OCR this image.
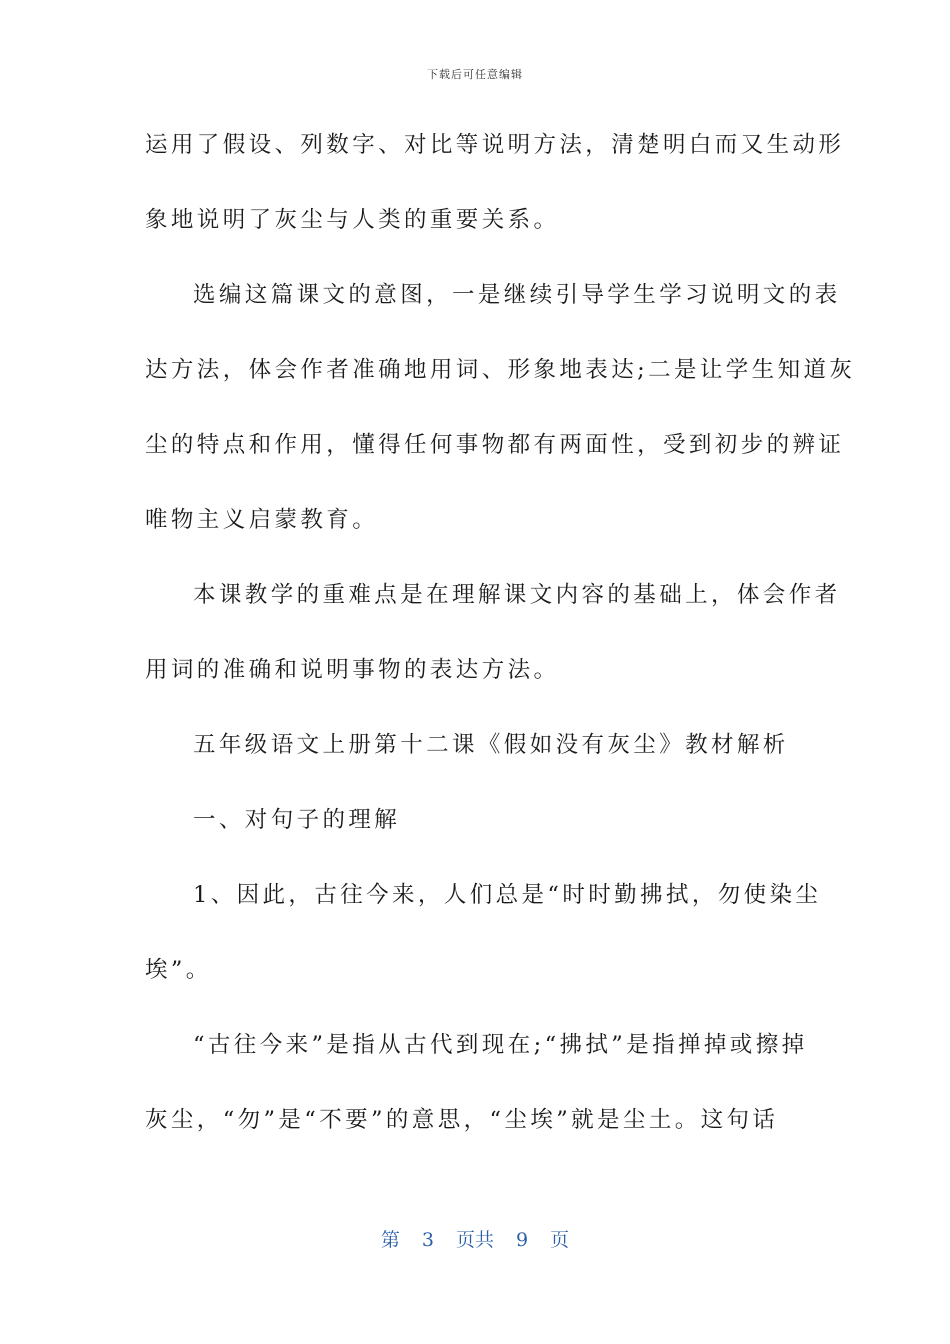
下载后可任意编辑
运用了假设、列数字、对比等说明方法，清楚明白而又生动形
象地说明了灰尘与人类的重要关系。
选编这篇课文的意图，一是继续引导学生学习说明文的表
达方法，体会作者准确地用词、形象地表达;二是让学生知道灰
尘的特点和作用，懂得任何事物都有两面性，受到初步的辨证
唯物主义启蒙教育。
本课教学的重难点是在理解课文内容的基础上，体会作者
用词的准确和说明事物的表达方法。
五年级语文上册第十二课《假如没有灰尘》教材解析
一、对句子的理解
1、因此，古往今来，人们总是“时时勤拂拭，勿使染尘
埃”。
“古往今来”是指从古代到现在;“拂拭”是指掸掉或擦掉
灰尘，“勿”是“不要”的意思，“尘埃”就是尘土。这句话
第 3 页共 9 页
